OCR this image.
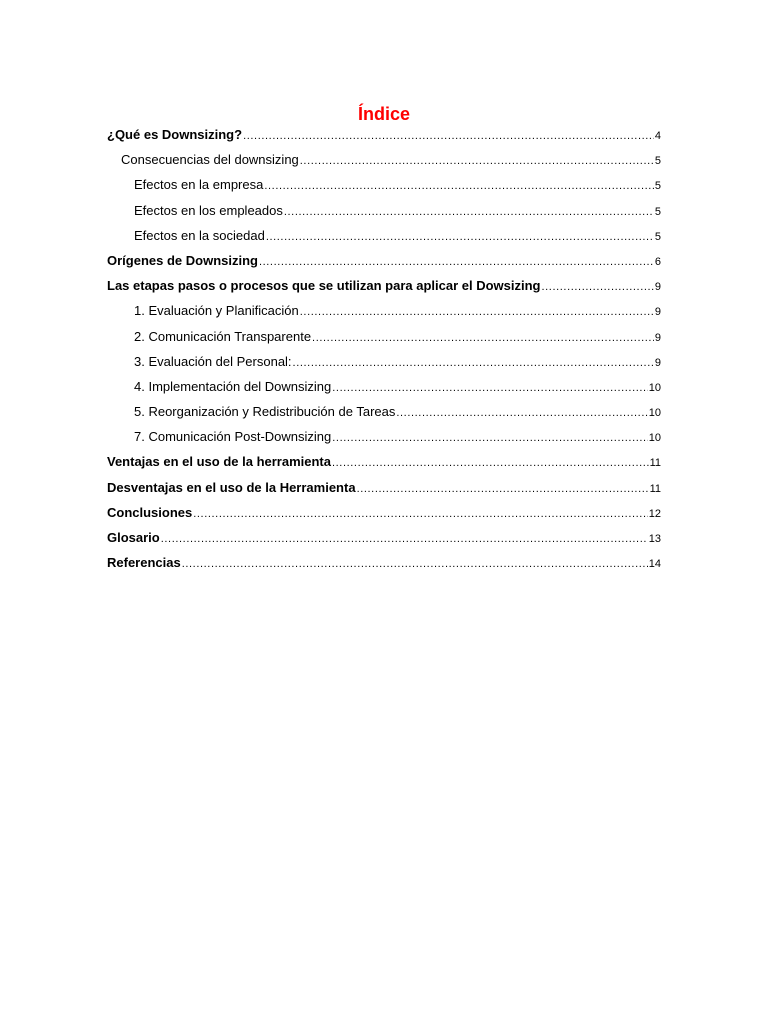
Índice
¿Qué es Downsizing? .....	4
Consecuencias del downsizing .....	5
Efectos en la empresa .....	5
Efectos en los empleados .....	5
Efectos en la sociedad .....	5
Orígenes de Downsizing .....	6
Las etapas pasos o procesos que se utilizan para aplicar el Dowsizing .....	9
1. Evaluación y Planificación .....	9
2. Comunicación Transparente .....	9
3. Evaluación del Personal: .....	9
4. Implementación del Downsizing .....	10
5. Reorganización y Redistribución de Tareas .....	10
7. Comunicación Post-Downsizing .....	10
Ventajas en el uso de la herramienta .....	11
Desventajas en el uso de la Herramienta .....	11
Conclusiones .....	12
Glosario .....	13
Referencias .....	14
